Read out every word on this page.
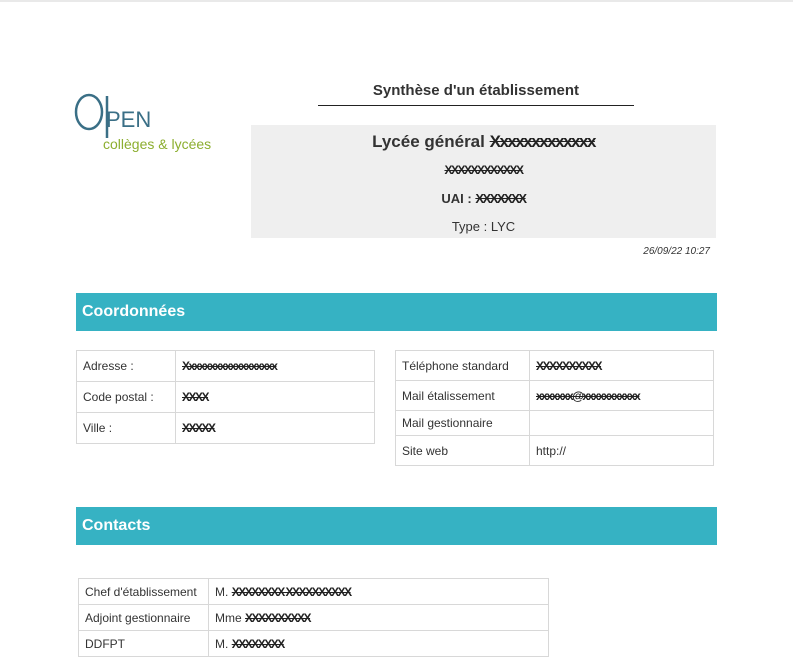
PEN
collèges & lycées
Synthèse d'un établissement
Lycée général Xxxxxxxxxxxxx
XXXXXXXXXXXX
UAI : XXXXXXX
Type : LYC
26/09/22 10:27
Coordonnées
Adresse :	Xxxxxxxxxxxxxxxxxx
Code postal :	XXXX
Ville :	XXXXX
Téléphone standard	XXXXXXXXXX
Mail étalissement	xxxxxxx@xxxxxxxxxxx
Mail gestionnaire	
Site web	http://
Contacts
Chef d'établissement	M. XXXXXXXX XXXXXXXXXX
Adjoint gestionnaire	Mme XXXXXXXXXX
DDFPT	M. XXXXXXXX
